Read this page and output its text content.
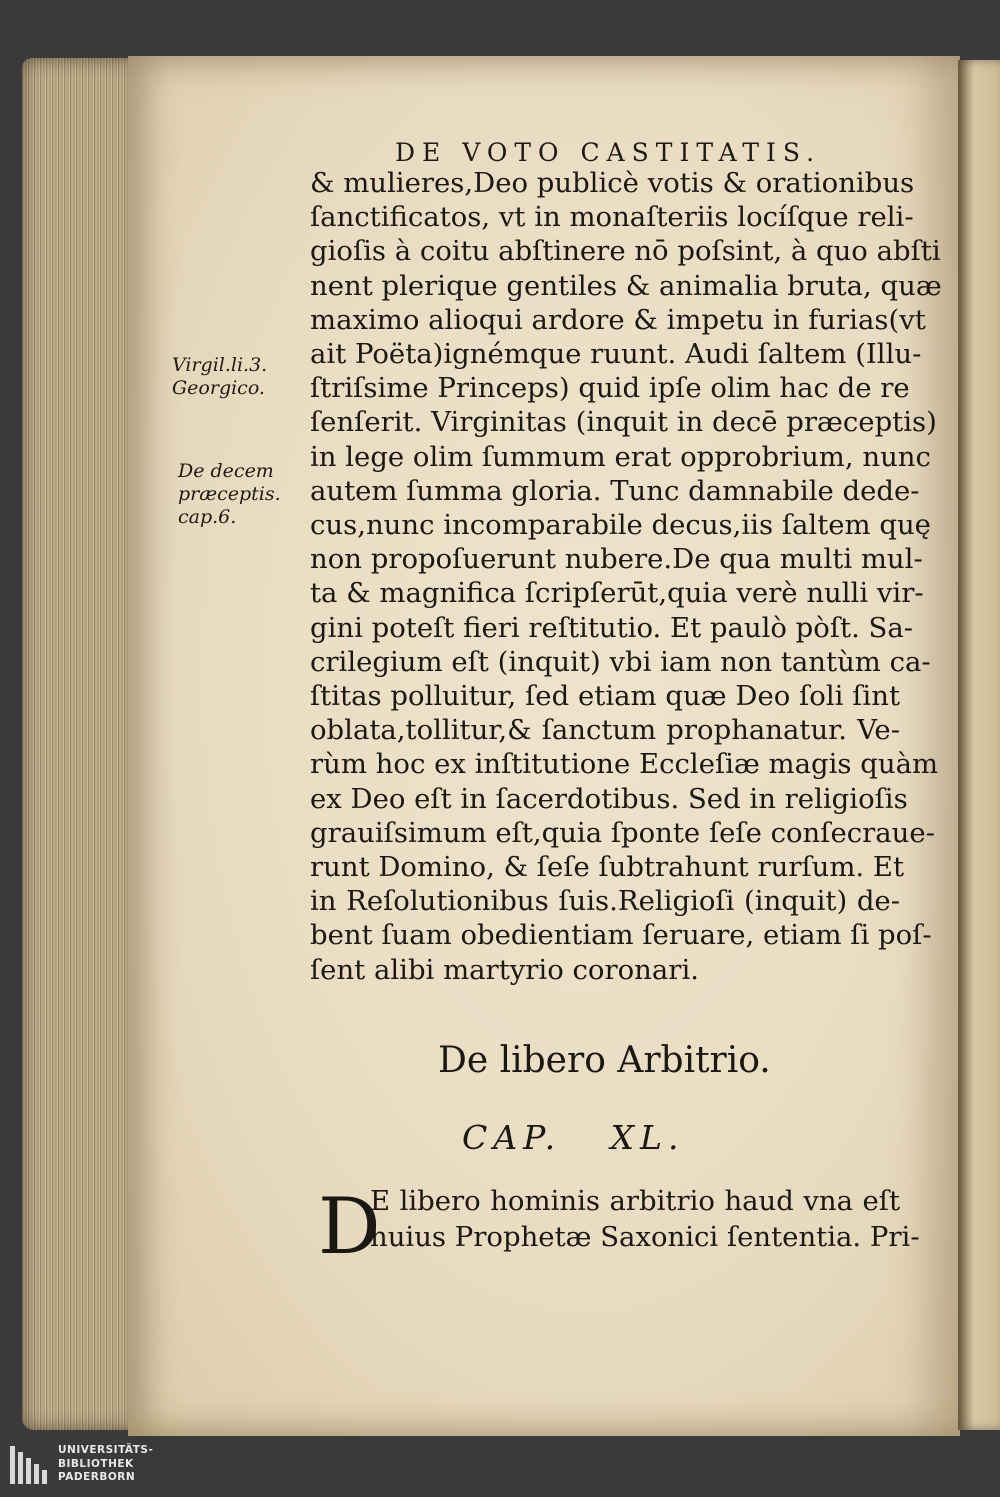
DE VOTO CASTITATIS.
Virgil.li.3.
Georgico.
De decem
præceptis.
cap.6.
& mulieres,Deo publicè votis & orationibus
ſanctificatos, vt in monaſteriis locíſque reli-
gioſis à coitu abſtinere nō poſsint, à quo abſti
nent plerique gentiles & animalia bruta, quæ
maximo alioqui ardore & impetu in furias(vt
ait Poëta)ignémque ruunt. Audi ſaltem (Illu-
ſtriſsime Princeps) quid ipſe olim hac de re
ſenſerit. Virginitas (inquit in decē præceptis)
in lege olim ſummum erat opprobrium, nunc
autem ſumma gloria. Tunc damnabile dede-
cus,nunc incomparabile decus,iis ſaltem quę
non propoſuerunt nubere.De qua multi mul-
ta & magnifica ſcripſerūt,quia verè nulli vir-
gini poteſt fieri reſtitutio. Et paulò pòſt. Sa-
crilegium eſt (inquit) vbi iam non tantùm ca-
ſtitas polluitur, ſed etiam quæ Deo ſoli ſint
oblata,tollitur,& ſanctum prophanatur. Ve-
rùm hoc ex inſtitutione Eccleſiæ magis quàm
ex Deo eſt in ſacerdotibus. Sed in religioſis
grauiſsimum eſt,quia ſponte ſeſe conſecraue-
runt Domino, & ſeſe ſubtrahunt rurſum. Et
in Reſolutionibus ſuis.Religioſi (inquit) de-
bent ſuam obedientiam ſeruare, etiam ſi poſ-
ſent alibi martyrio coronari.
De libero Arbitrio.
CAP.   XL.
D
E libero hominis arbitrio haud vna eſt
huius Prophetæ Saxonici ſententia. Pri-
UNIVERSITÄTS-
BIBLIOTHEK
PADERBORN
